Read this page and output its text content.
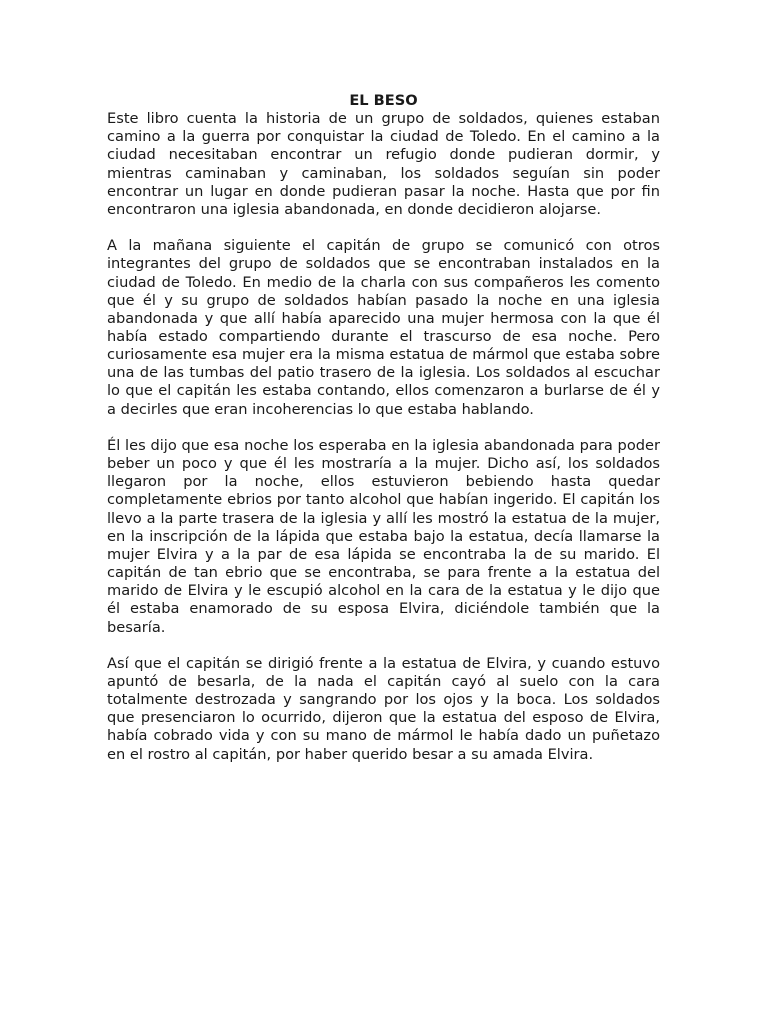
EL BESO

Este libro cuenta la historia de un grupo de soldados, quienes estaban camino a la guerra por conquistar la ciudad de Toledo. En el camino a la ciudad necesitaban encontrar un refugio donde pudieran dormir, y mientras caminaban y caminaban, los soldados seguían sin poder encontrar un lugar en donde pudieran pasar la noche. Hasta que por fin encontraron una iglesia abandonada, en donde decidieron alojarse.

A la mañana siguiente el capitán de grupo se comunicó con otros integrantes del grupo de soldados que se encontraban instalados en la ciudad de Toledo. En medio de la charla con sus compañeros les comento que él y su grupo de soldados habían pasado la noche en una iglesia abandonada y que allí había aparecido una mujer hermosa con la que él había estado compartiendo durante el trascurso de esa noche. Pero curiosamente esa mujer era la misma estatua de mármol que estaba sobre una de las tumbas del patio trasero de la iglesia. Los soldados al escuchar lo que el capitán les estaba contando, ellos comenzaron a burlarse de él y a decirles que eran incoherencias lo que estaba hablando.

Él les dijo que esa noche los esperaba en la iglesia abandonada para poder beber un poco y que él les mostraría a la mujer. Dicho así, los soldados llegaron por la noche, ellos estuvieron bebiendo hasta quedar completamente ebrios por tanto alcohol que habían ingerido. El capitán los llevo a la parte trasera de la iglesia y allí les mostró la estatua de la mujer, en la inscripción de la lápida que estaba bajo la estatua, decía llamarse la mujer Elvira y a la par de esa lápida se encontraba la de su marido. El capitán de tan ebrio que se encontraba, se para frente a la estatua del marido de Elvira y le escupió alcohol en la cara de la estatua y le dijo que él estaba enamorado de su esposa Elvira, diciéndole también que la besaría.

Así que el capitán se dirigió frente a la estatua de Elvira, y cuando estuvo apuntó de besarla, de la nada el capitán cayó al suelo con la cara totalmente destrozada y sangrando por los ojos y la boca. Los soldados que presenciaron lo ocurrido, dijeron que la estatua del esposo de Elvira, había cobrado vida y con su mano de mármol le había dado un puñetazo en el rostro al capitán, por haber querido besar a su amada Elvira.
